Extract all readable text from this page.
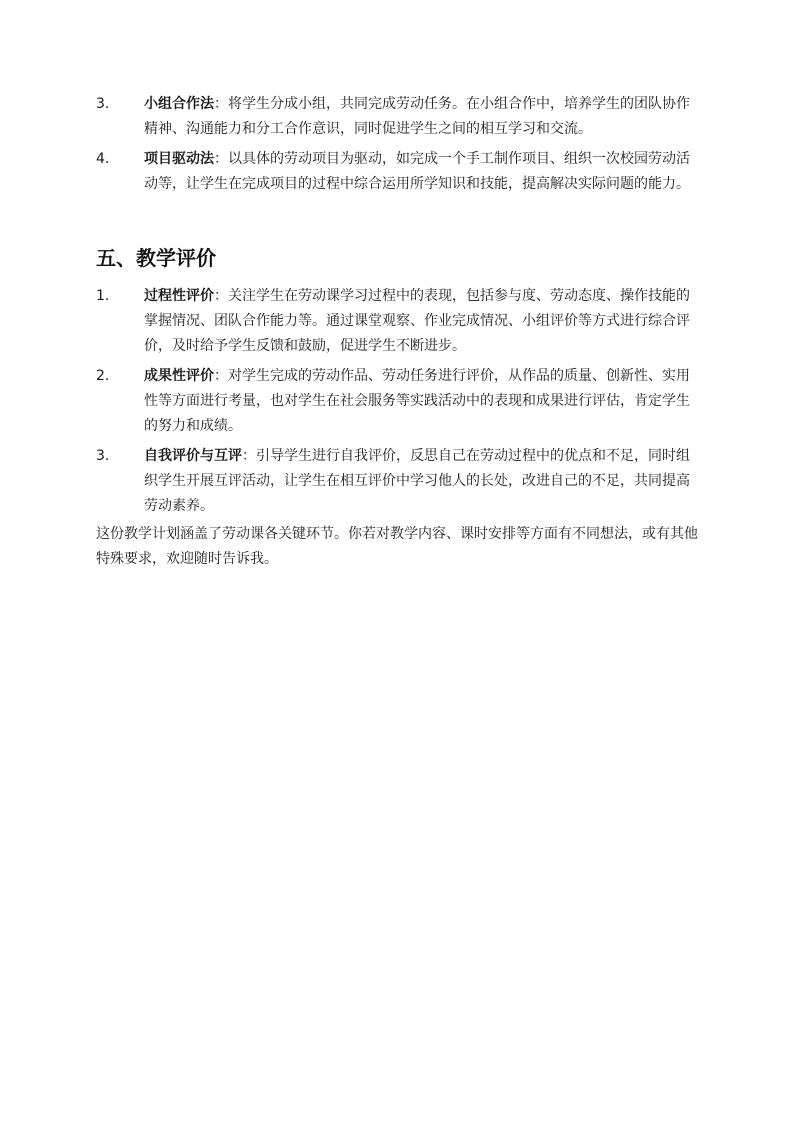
3. 小组合作法：将学生分成小组，共同完成劳动任务。在小组合作中，培养学生的团队协作精神、沟通能力和分工合作意识，同时促进学生之间的相互学习和交流。
4. 项目驱动法：以具体的劳动项目为驱动，如完成一个手工制作项目、组织一次校园劳动活动等，让学生在完成项目的过程中综合运用所学知识和技能，提高解决实际问题的能力。
五、教学评价
1. 过程性评价：关注学生在劳动课学习过程中的表现，包括参与度、劳动态度、操作技能的掌握情况、团队合作能力等。通过课堂观察、作业完成情况、小组评价等方式进行综合评价，及时给予学生反馈和鼓励，促进学生不断进步。
2. 成果性评价：对学生完成的劳动作品、劳动任务进行评价，从作品的质量、创新性、实用性等方面进行考量，也对学生在社会服务等实践活动中的表现和成果进行评估，肯定学生的努力和成绩。
3. 自我评价与互评：引导学生进行自我评价，反思自己在劳动过程中的优点和不足，同时组织学生开展互评活动，让学生在相互评价中学习他人的长处，改进自己的不足，共同提高劳动素养。

这份教学计划涵盖了劳动课各关键环节。你若对教学内容、课时安排等方面有不同想法，或有其他特殊要求，欢迎随时告诉我。
